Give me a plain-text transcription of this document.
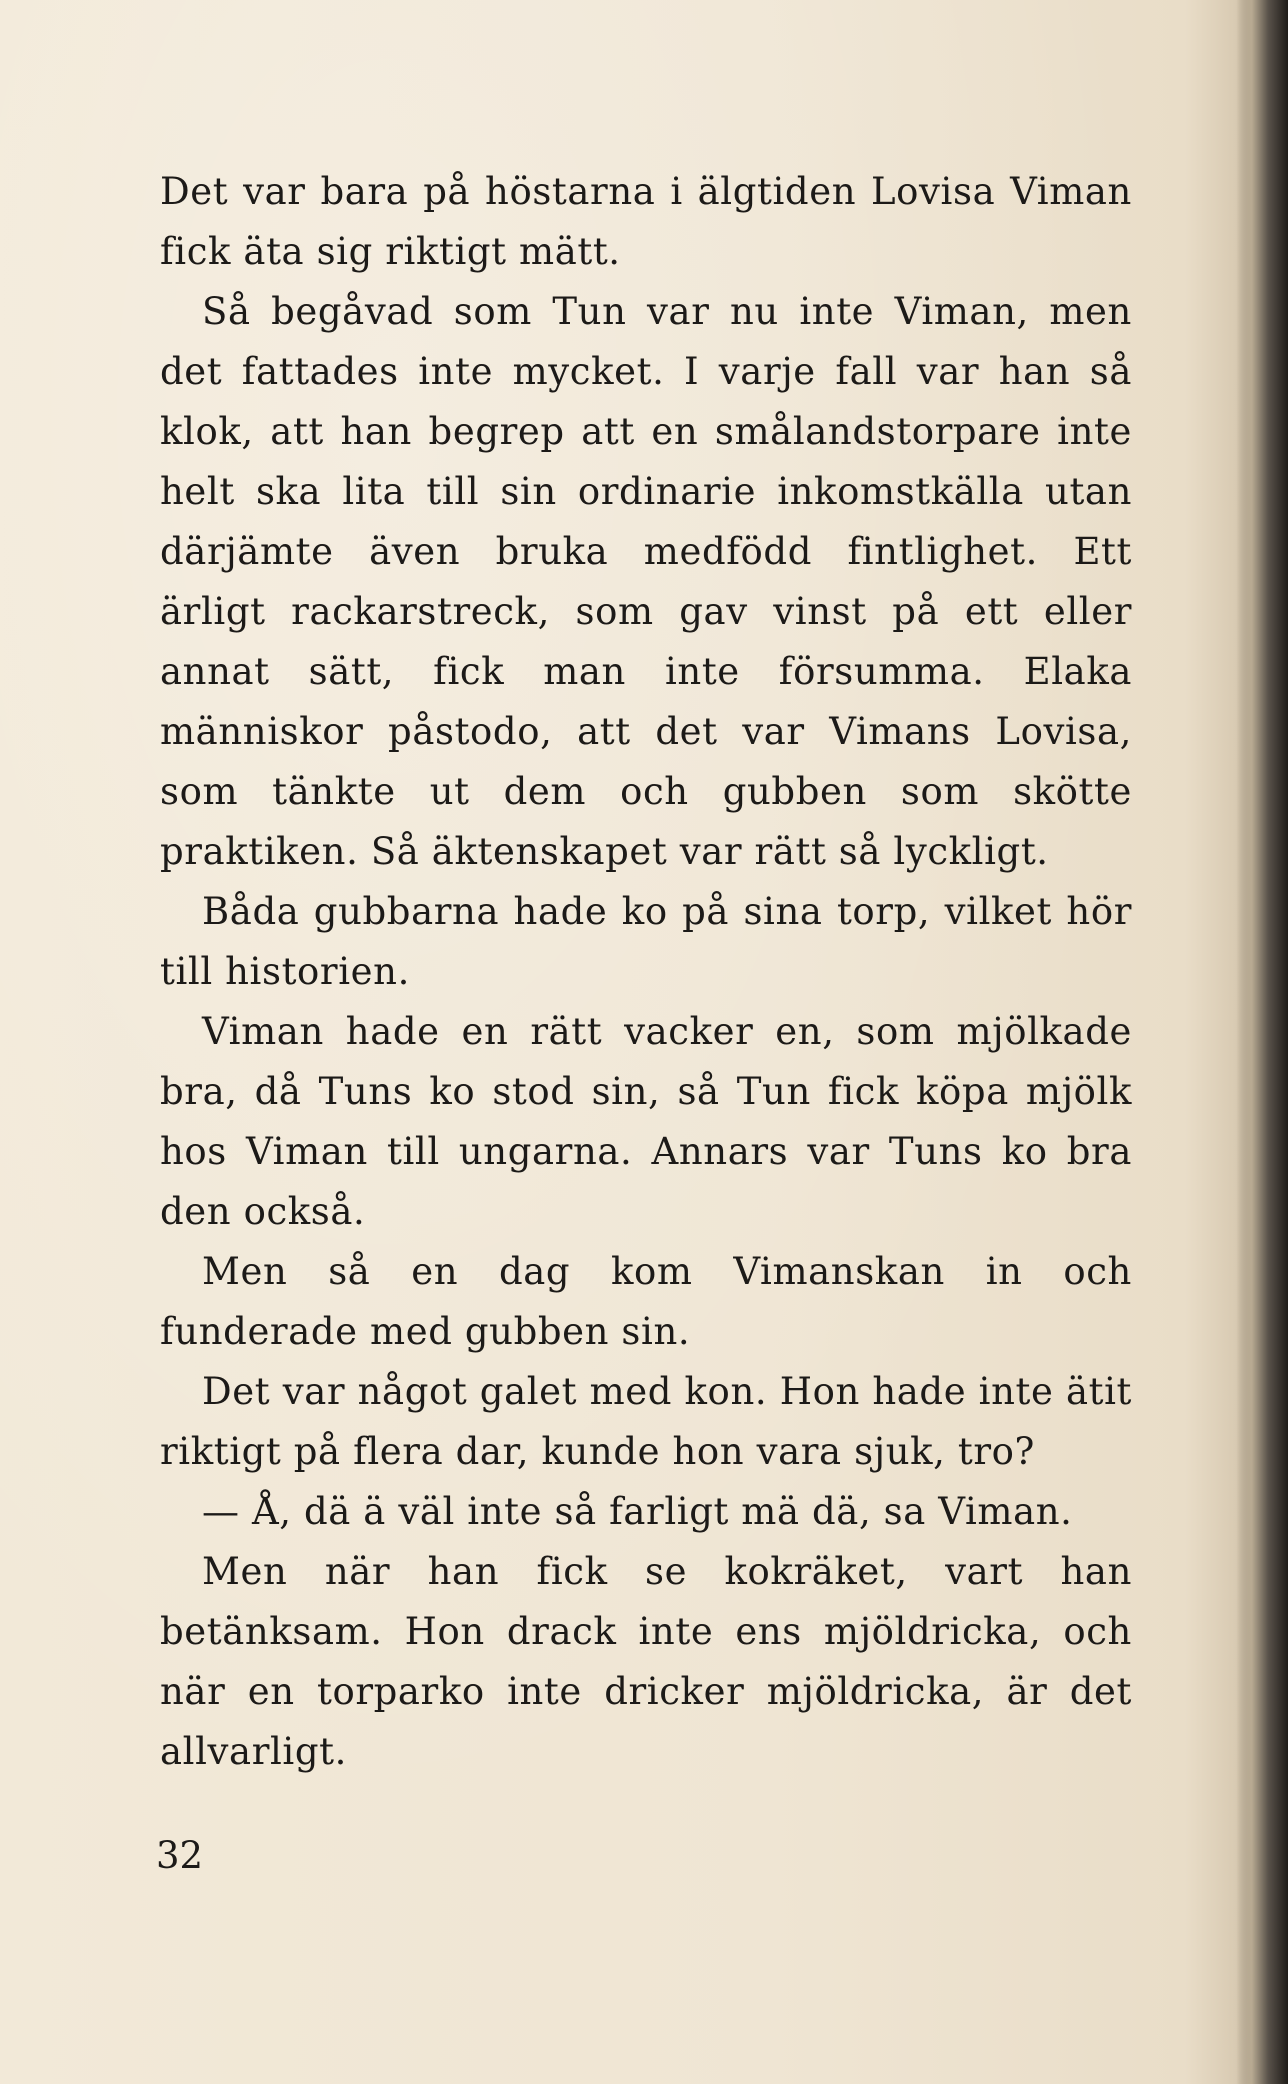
Det var bara på höstarna i älgtiden Lovisa Viman fick äta sig riktigt mätt.

Så begåvad som Tun var nu inte Viman, men det fattades inte mycket. I varje fall var han så klok, att han begrep att en smålandstorpare inte helt ska lita till sin ordinarie inkomstkälla utan därjämte även bruka medfödd fintlighet. Ett ärligt rackarstreck, som gav vinst på ett eller annat sätt, fick man inte försumma. Elaka människor påstodo, att det var Vimans Lovisa, som tänkte ut dem och gubben som skötte praktiken. Så äktenskapet var rätt så lyckligt.

Båda gubbarna hade ko på sina torp, vilket hör till historien.

Viman hade en rätt vacker en, som mjölkade bra, då Tuns ko stod sin, så Tun fick köpa mjölk hos Viman till ungarna. Annars var Tuns ko bra den också.

Men så en dag kom Vimanskan in och funderade med gubben sin.

Det var något galet med kon. Hon hade inte ätit riktigt på flera dar, kunde hon vara sjuk, tro?

— Å, dä ä väl inte så farligt mä dä, sa Viman.

Men när han fick se kokräket, vart han betänksam. Hon drack inte ens mjöldricka, och när en torparko inte dricker mjöldricka, är det allvarligt.

32
